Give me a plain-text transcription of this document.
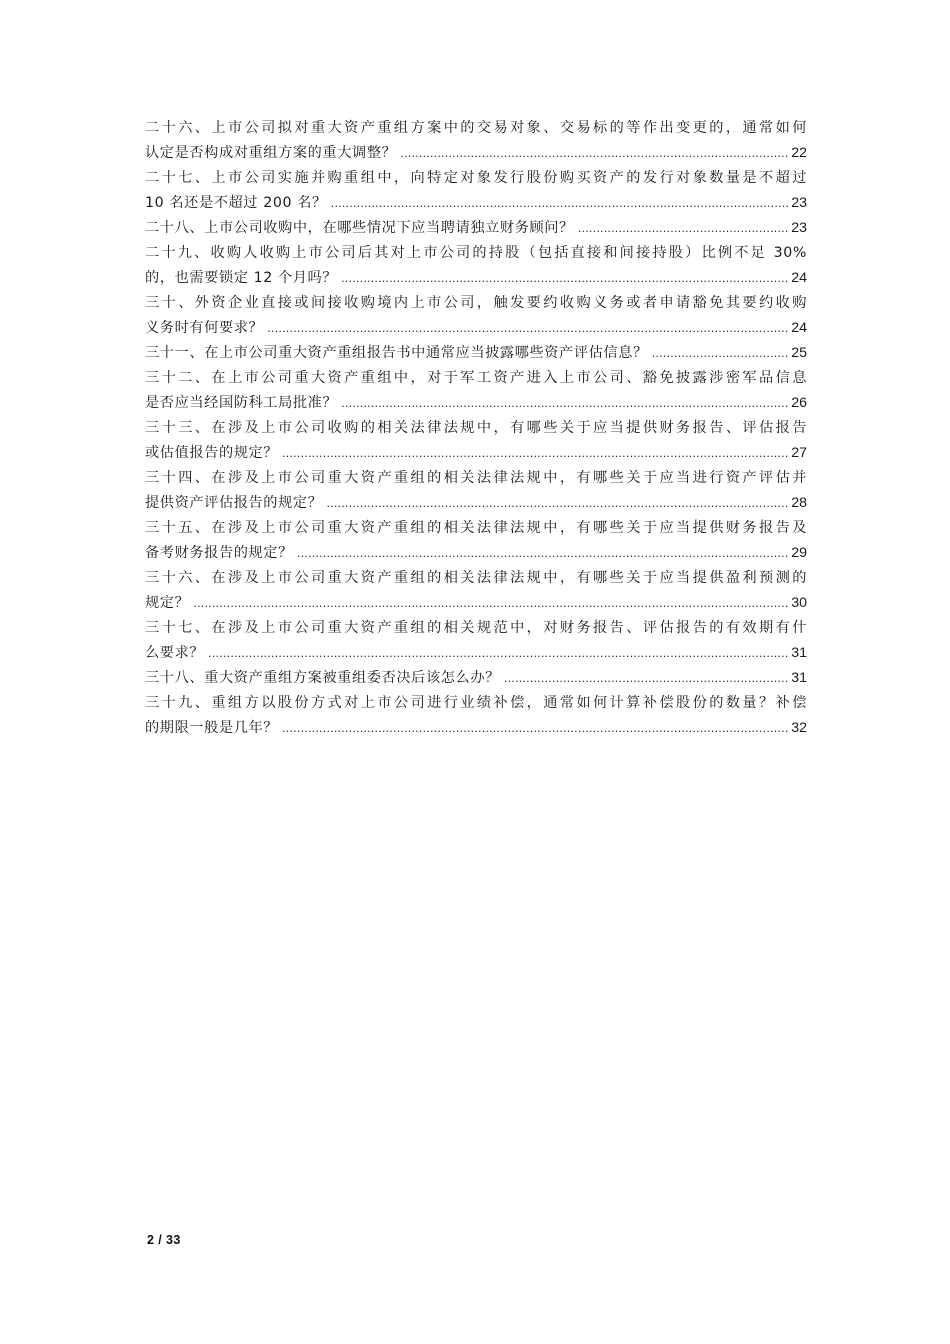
二十六、上市公司拟对重大资产重组方案中的交易对象、交易标的等作出变更的，通常如何
认定是否构成对重组方案的重大调整？ .....	22
二十七、上市公司实施并购重组中，向特定对象发行股份购买资产的发行对象数量是不超过
10 名还是不超过 200 名？ .....	23
二十八、上市公司收购中，在哪些情况下应当聘请独立财务顾问？ .....	23
二十九、收购人收购上市公司后其对上市公司的持股（包括直接和间接持股）比例不足 30%
的，也需要锁定 12 个月吗？ .....	24
三十、外资企业直接或间接收购境内上市公司，触发要约收购义务或者申请豁免其要约收购
义务时有何要求？ .....	24
三十一、在上市公司重大资产重组报告书中通常应当披露哪些资产评估信息？ .....	25
三十二、在上市公司重大资产重组中，对于军工资产进入上市公司、豁免披露涉密军品信息
是否应当经国防科工局批准？ .....	26
三十三、在涉及上市公司收购的相关法律法规中，有哪些关于应当提供财务报告、评估报告
或估值报告的规定？ .....	27
三十四、在涉及上市公司重大资产重组的相关法律法规中，有哪些关于应当进行资产评估并
提供资产评估报告的规定？ .....	28
三十五、在涉及上市公司重大资产重组的相关法律法规中，有哪些关于应当提供财务报告及
备考财务报告的规定？ .....	29
三十六、在涉及上市公司重大资产重组的相关法律法规中，有哪些关于应当提供盈利预测的
规定？ .....	30
三十七、在涉及上市公司重大资产重组的相关规范中，对财务报告、评估报告的有效期有什
么要求？ .....	31
三十八、重大资产重组方案被重组委否决后该怎么办？ .....	31
三十九、重组方以股份方式对上市公司进行业绩补偿，通常如何计算补偿股份的数量？补偿
的期限一般是几年？ .....	32
2 / 33
